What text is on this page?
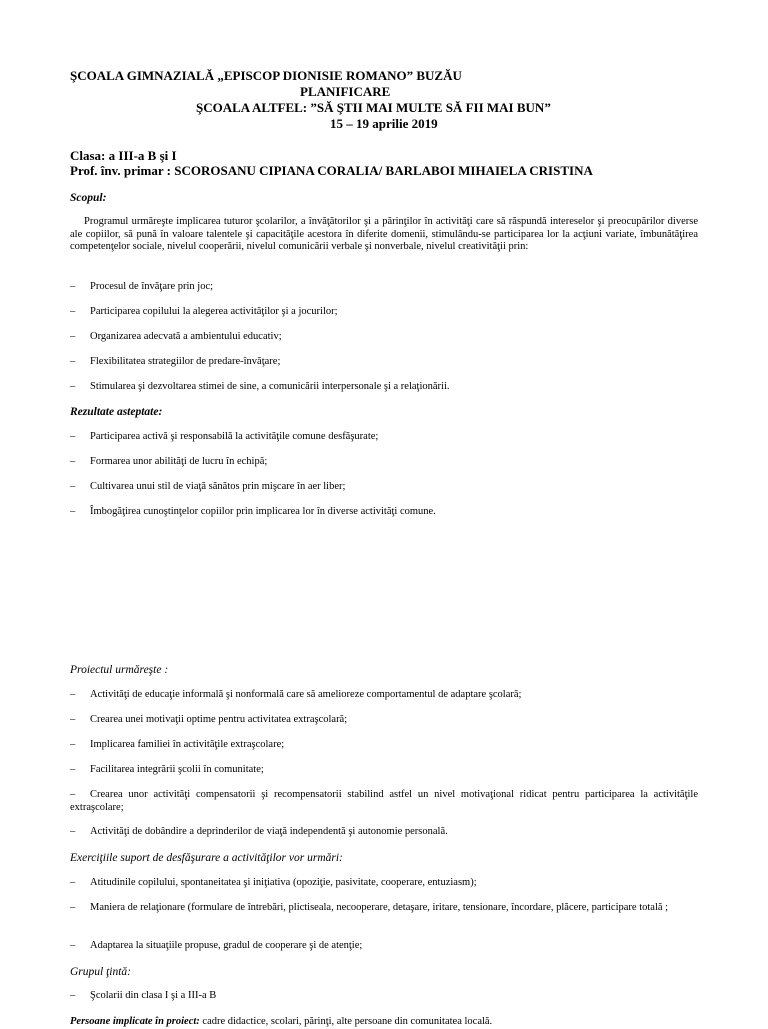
ŞCOALA GIMNAZIALĂ „EPISCOP DIONISIE ROMANO” BUZĂU
PLANIFICARE
ŞCOALA ALTFEL: ”SĂ ŞTII MAI MULTE SĂ FII MAI BUN”
15 – 19 aprilie 2019
Clasa: a III-a B şi I
Prof. înv. primar : SCOROSANU CIPIANA CORALIA/ BARLABOI MIHAIELA CRISTINA
Scopul:
Programul urmăreşte implicarea tuturor şcolarilor, a învăţătorilor şi a părinţilor în activităţi care să răspundă intereselor şi preocupărilor diverse ale copiilor, să pună în valoare talentele şi capacităţile acestora în diferite domenii, stimulându-se participarea lor la acţiuni variate, îmbunătăţirea competenţelor sociale, nivelul cooperării, nivelul comunicării verbale şi nonverbale, nivelul creativităţii prin:
– Procesul de învăţare prin joc;
– Participarea copilului la alegerea activităţilor şi a jocurilor;
– Organizarea adecvată a ambientului educativ;
– Flexibilitatea strategiilor de predare-învăţare;
– Stimularea şi dezvoltarea stimei de sine, a comunicării interpersonale şi a relaţionării.
Rezultate asteptate:
– Participarea activă şi responsabilă la activităţile comune desfăşurate;
– Formarea unor abilităţi de lucru în echipă;
– Cultivarea unui stil de viaţă sănătos prin mişcare în aer liber;
– Îmbogăţirea cunoştinţelor copiilor prin implicarea lor în diverse activităţi comune.
Proiectul urmăreşte :
– Activităţi de educaţie informală şi nonformală care să amelioreze comportamentul de adaptare şcolară;
– Crearea unei motivaţii optime pentru activitatea extraşcolară;
– Implicarea familiei în activităţile extraşcolare;
– Facilitarea integrării şcolii în comunitate;
– Crearea unor activităţi compensatorii şi recompensatorii stabilind astfel un nivel motivaţional ridicat pentru participarea la activităţile extraşcolare;
– Activităţi de dobândire a deprinderilor de viaţă independentă şi autonomie personală.
Exerciţiile suport de desfăşurare a activităţilor vor urmări:
– Atitudinile copilului, spontaneitatea şi iniţiativa (opoziţie, pasivitate, cooperare, entuziasm);
– Maniera de relaţionare (formulare de întrebări, plictiseala, necooperare, detaşare, iritare, tensionare, încordare, plăcere, participare totală ;
– Adaptarea la situaţiile propuse, gradul de cooperare şi de atenţie;
Grupul ţintă:
– Şcolarii din clasa I şi a III-a B
Persoane implicate în proiect: cadre didactice, scolari, părinţi, alte persoane din comunitatea locală.
